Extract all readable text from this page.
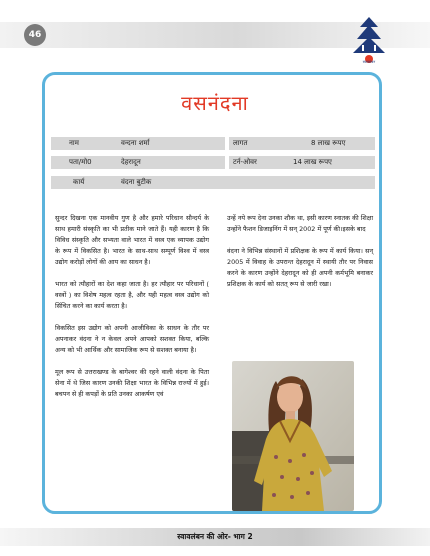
46
स्वावलंबन
वसनंदना
नाम	वन्दना शर्मा	लागत	8 लाख रूपए
पता/मो0	देहरादून	टर्न-ओवर	14 लाख रूपए
कार्य	वंदना बुटीक

सुन्दर दिखना एक मानवीय गुण है और हमारे परिधान सौन्दर्य के साथ हमारी संस्कृति का भी प्रतीक माने जाते हैं। यही कारण है कि विविध संस्कृति और सभ्यता वाले भारत में वस्त्र एक व्यापक उद्योग के रूप में विकसित है। भारत के साथ-साथ सम्पूर्ण विश्व में वस्त्र उद्योग करोड़ों लोगों की आय का साधन है।

भारत को त्यौहारों का देश कहा जाता है। हर त्यौहार पर परिधानों ( वस्त्रों ) का विशेष महत्व रहता है, और यही महत्व वस्त्र उद्योग को सिंचित करने का कार्य करता है।

विकसित इस उद्योग को अपनी आजीविका के साधन के तौर पर अपनाकर वंदना ने न केवल अपने आपको सशक्त किया, बल्कि अन्य को भी आर्थिक और सामाजिक रूप से सशक्त बनाया है।

मूल रूप से उत्तराखण्ड के बागेश्वर की रहने वाली वंदना के पिता सेना में थे जिस कारण उनकी शिक्षा भारत के विभिन्न राज्यों में हुई। बचपन से ही कपड़ों के प्रति उनका आकर्षण एवं

उन्हें नये रूप देना उनका शौक था, इसी कारण स्नातक की शिक्षा उन्होंने फैशन डिजाइनिंग में सन् 2002 में पूर्ण की।इसके बाद

वंदना ने विभिन्न संस्थानों में प्रशिक्षक के रूप में कार्य किया। सन् 2005 में विवाह के उपरान्त देहरादून में स्थायी तौर पर निवास करने के कारण उन्होंने देहरादून को ही अपनी कर्मभूमि बनाकर प्रशिक्षक के कार्य को सतत् रूप से जारी रखा।

स्वावलंबन की ओर- भाग 2
